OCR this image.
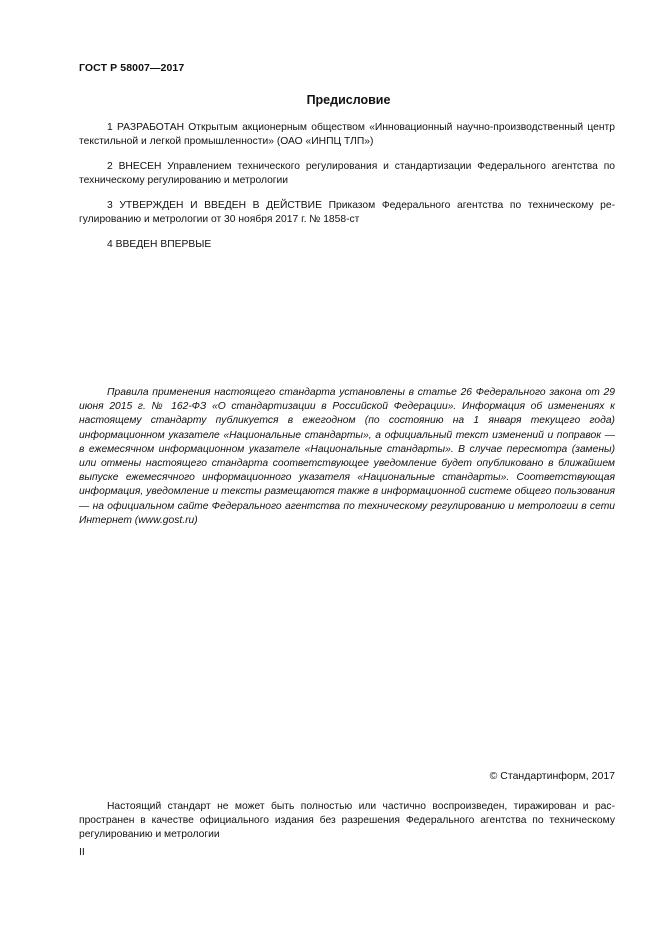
ГОСТ Р 58007—2017
Предисловие

1 РАЗРАБОТАН Открытым акционерным обществом «Инновационный научно-производственный центр текстильной и легкой промышленности» (ОАО «ИНПЦ ТЛП»)

2 ВНЕСЕН Управлением технического регулирования и стандартизации Федерального агентства по техническому регулированию и метрологии

3 УТВЕРЖДЕН И ВВЕДЕН В ДЕЙСТВИЕ Приказом Федерального агентства по техническому регулированию и метрологии от 30 ноября 2017 г. № 1858-ст

4 ВВЕДЕН ВПЕРВЫЕ

Правила применения настоящего стандарта установлены в статье 26 Федерального закона от 29 июня 2015 г. № 162-ФЗ «О стандартизации в Российской Федерации». Информация об изменениях к настоящему стандарту публикуется в ежегодном (по состоянию на 1 января текущего года) информационном указателе «Национальные стандарты», а официальный текст изменений и поправок — в ежемесячном информационном указателе «Национальные стандарты». В случае пересмотра (замены) или отмены настоящего стандарта соответствующее уведомление будет опубликовано в ближайшем выпуске ежемесячного информационного указателя «Национальные стандарты». Соответствующая информация, уведомление и тексты размещаются также в информационной системе общего пользования — на официальном сайте Федерального агентства по техническому регулированию и метрологии в сети Интернет (www.gost.ru)

© Стандартинформ, 2017

Настоящий стандарт не может быть полностью или частично воспроизведен, тиражирован и распространен в качестве официального издания без разрешения Федерального агентства по техническому регулированию и метрологии

II
